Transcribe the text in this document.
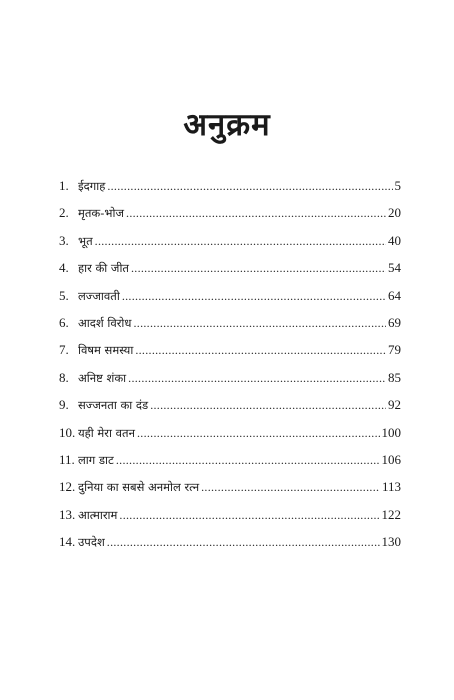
अनुक्रम
1. ईदगाह .....	5
2. मृतक-भोज .....	20
3. भूत .....	40
4. हार की जीत .....	54
5. लज्जावती .....	64
6. आदर्श विरोध .....	69
7. विषम समस्या .....	79
8. अनिष्ट शंका .....	85
9. सज्जनता का दंड .....	92
10. यही मेरा वतन .....	100
11. लाग डाट .....	106
12. दुनिया का सबसे अनमोल रत्न .....	113
13. आत्माराम .....	122
14. उपदेश .....	130
